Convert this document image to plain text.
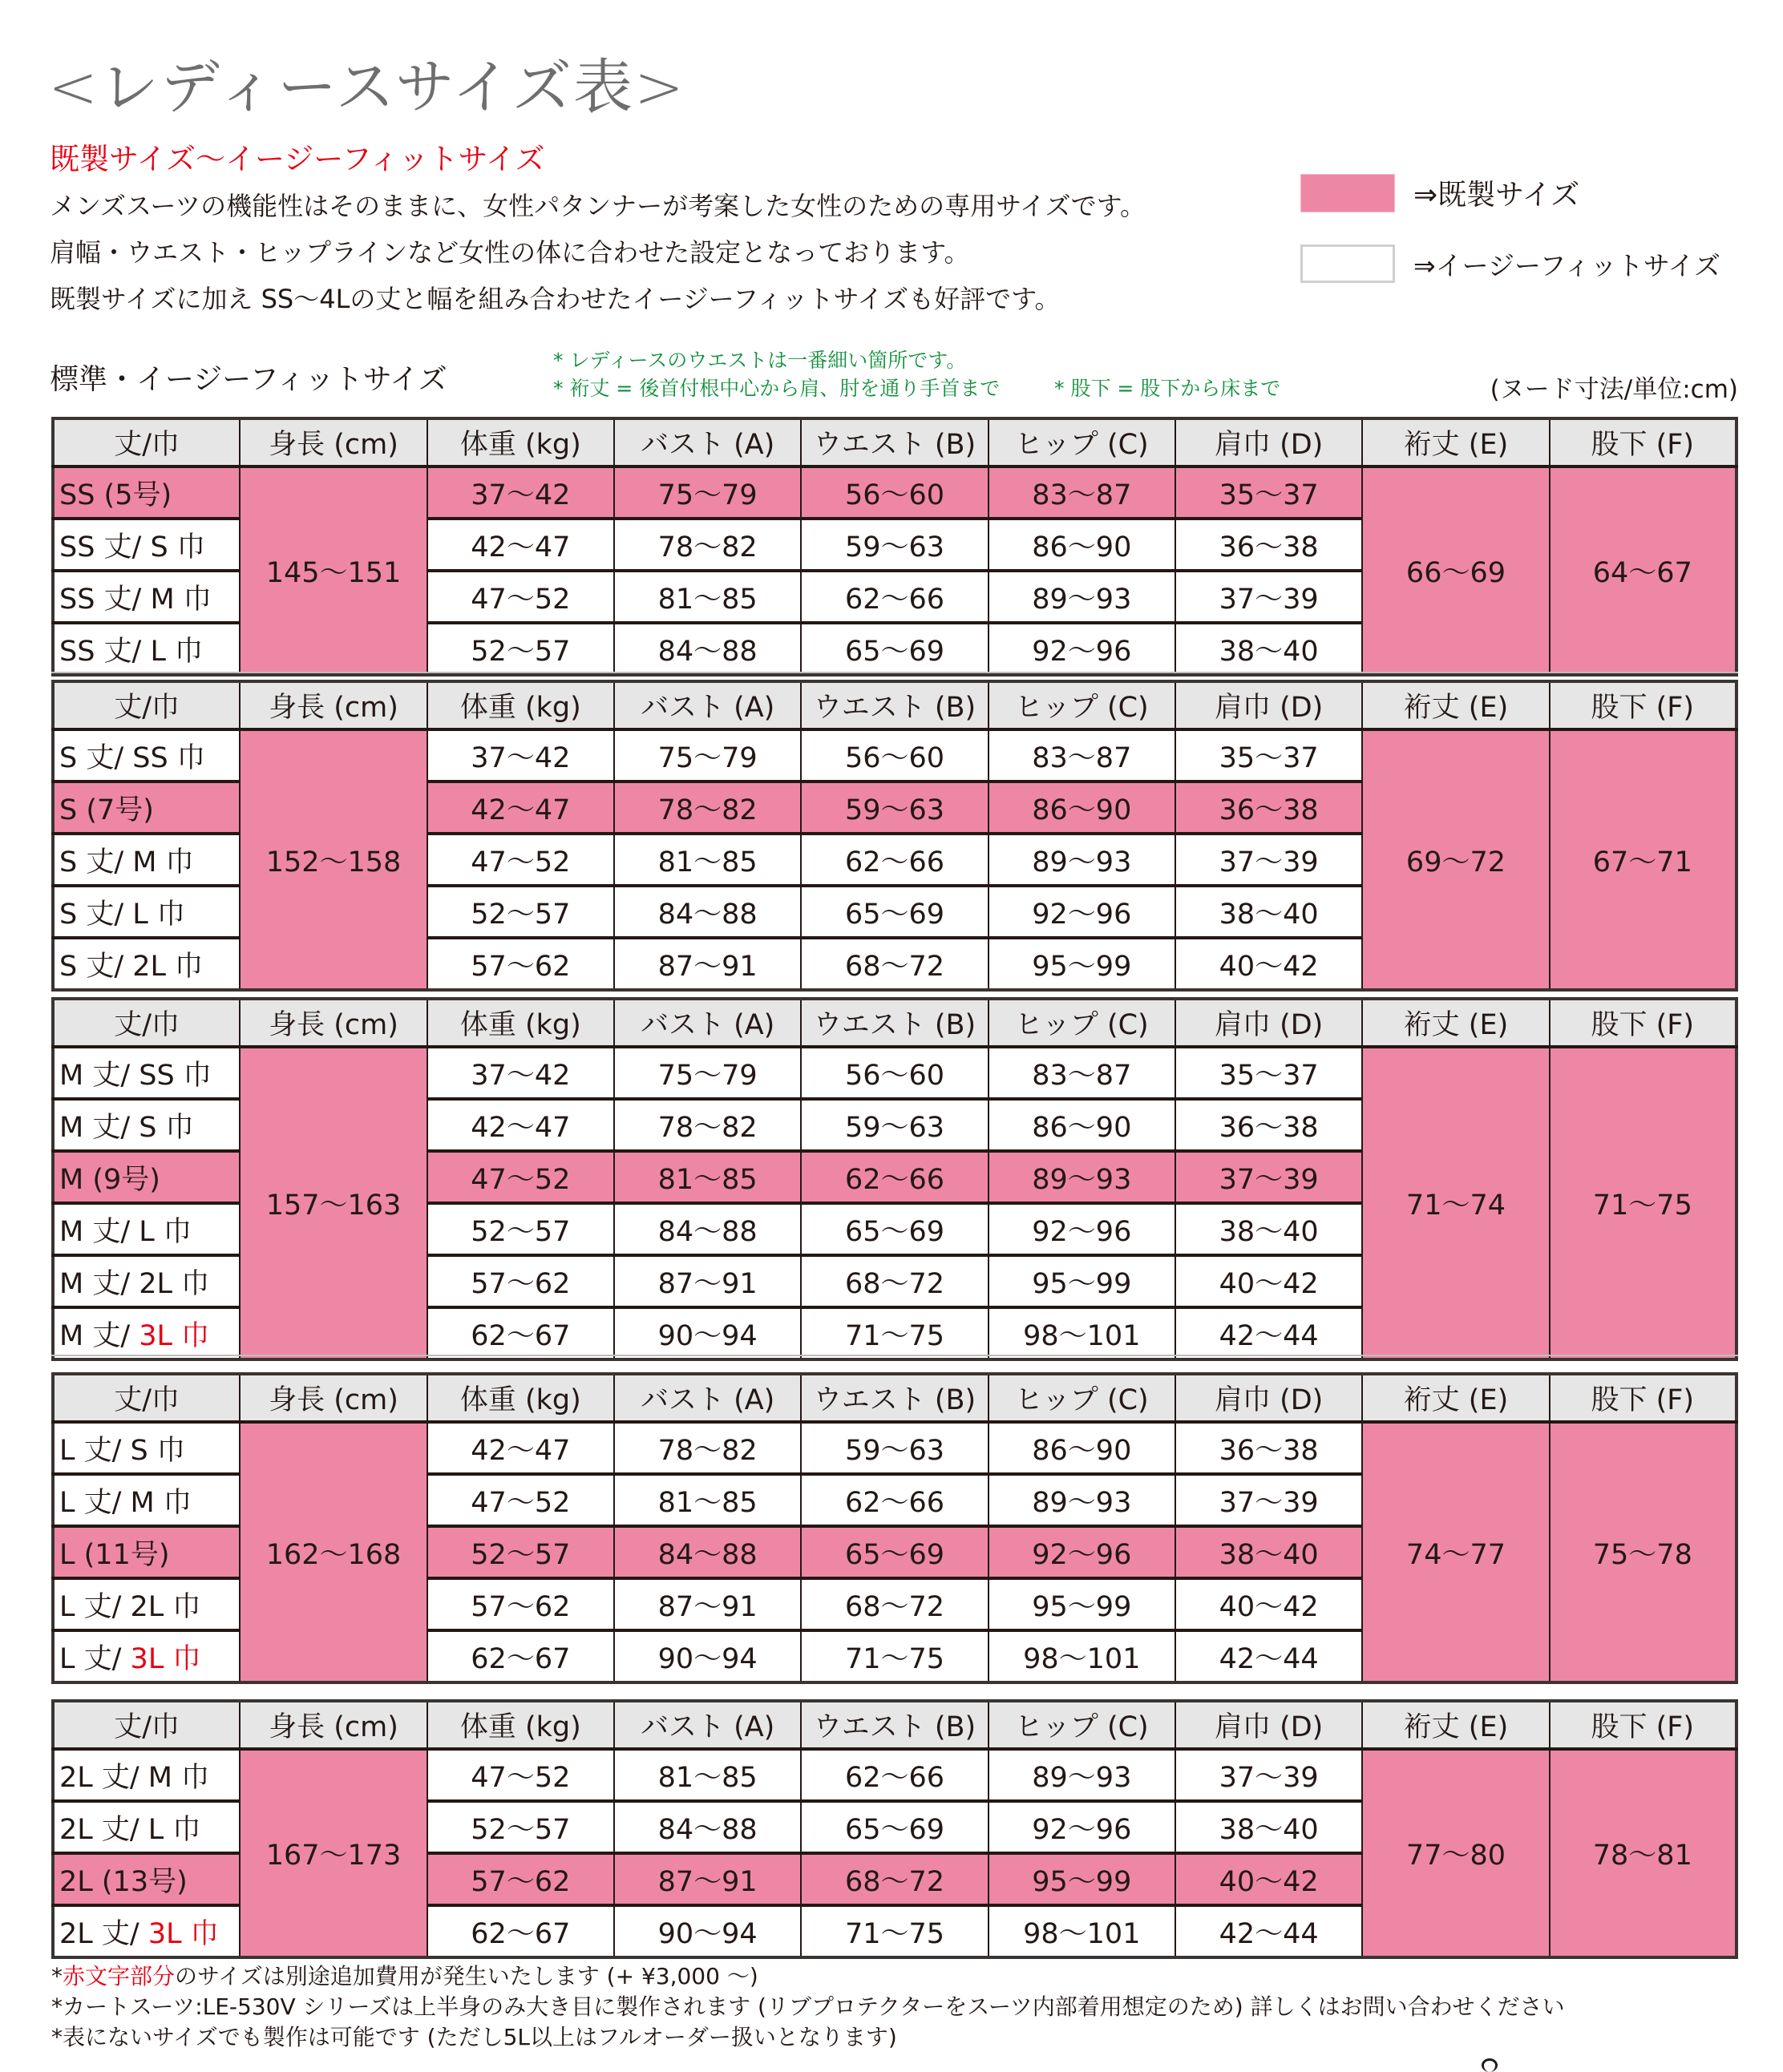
<レディースサイズ表>
既製サイズ〜イージーフィットサイズ
メンズスーツの機能性はそのままに、女性パタンナーが考案した女性のための専用サイズです。
肩幅・ウエスト・ヒップラインなど女性の体に合わせた設定となっております。
既製サイズに加え SS〜4Lの丈と幅を組み合わせたイージーフィットサイズも好評です。
⇒既製サイズ
⇒イージーフィットサイズ
標準・イージーフィットサイズ
* レディースのウエストは一番細い箇所です。
* 裄丈 = 後首付根中心から肩、肘を通り手首まで	* 股下 = 股下から床まで	(ヌード寸法/単位:cm)
丈/巾	身長 (cm)	体重 (kg)	バスト (A)	ウエスト (B)	ヒップ (C)	肩巾 (D)	裄丈 (E)	股下 (F)
SS (5号)	145〜151	37〜42	75〜79	56〜60	83〜87	35〜37	66〜69	64〜67
SS 丈/ S 巾		42〜47	78〜82	59〜63	86〜90	36〜38		
SS 丈/ M 巾		47〜52	81〜85	62〜66	89〜93	37〜39		
SS 丈/ L 巾		52〜57	84〜88	65〜69	92〜96	38〜40		
丈/巾	身長 (cm)	体重 (kg)	バスト (A)	ウエスト (B)	ヒップ (C)	肩巾 (D)	裄丈 (E)	股下 (F)
S 丈/ SS 巾	152〜158	37〜42	75〜79	56〜60	83〜87	35〜37	69〜72	67〜71
S (7号)		42〜47	78〜82	59〜63	86〜90	36〜38		
S 丈/ M 巾		47〜52	81〜85	62〜66	89〜93	37〜39		
S 丈/ L 巾		52〜57	84〜88	65〜69	92〜96	38〜40		
S 丈/ 2L 巾		57〜62	87〜91	68〜72	95〜99	40〜42		
丈/巾	身長 (cm)	体重 (kg)	バスト (A)	ウエスト (B)	ヒップ (C)	肩巾 (D)	裄丈 (E)	股下 (F)
M 丈/ SS 巾	157〜163	37〜42	75〜79	56〜60	83〜87	35〜37	71〜74	71〜75
M 丈/ S 巾		42〜47	78〜82	59〜63	86〜90	36〜38		
M (9号)		47〜52	81〜85	62〜66	89〜93	37〜39		
M 丈/ L 巾		52〜57	84〜88	65〜69	92〜96	38〜40		
M 丈/ 2L 巾		57〜62	87〜91	68〜72	95〜99	40〜42		
M 丈/ 3L 巾		62〜67	90〜94	71〜75	98〜101	42〜44		
丈/巾	身長 (cm)	体重 (kg)	バスト (A)	ウエスト (B)	ヒップ (C)	肩巾 (D)	裄丈 (E)	股下 (F)
L 丈/ S 巾	162〜168	42〜47	78〜82	59〜63	86〜90	36〜38	74〜77	75〜78
L 丈/ M 巾		47〜52	81〜85	62〜66	89〜93	37〜39		
L (11号)		52〜57	84〜88	65〜69	92〜96	38〜40		
L 丈/ 2L 巾		57〜62	87〜91	68〜72	95〜99	40〜42		
L 丈/ 3L 巾		62〜67	90〜94	71〜75	98〜101	42〜44		
丈/巾	身長 (cm)	体重 (kg)	バスト (A)	ウエスト (B)	ヒップ (C)	肩巾 (D)	裄丈 (E)	股下 (F)
2L 丈/ M 巾	167〜173	47〜52	81〜85	62〜66	89〜93	37〜39	77〜80	78〜81
2L 丈/ L 巾		52〜57	84〜88	65〜69	92〜96	38〜40		
2L (13号)		57〜62	87〜91	68〜72	95〜99	40〜42		
2L 丈/ 3L 巾		62〜67	90〜94	71〜75	98〜101	42〜44		
*赤文字部分のサイズは別途追加費用が発生いたします (+ ¥3,000 〜)
*カートスーツ:LE-530V シリーズは上半身のみ大き目に製作されます (リブプロテクターをスーツ内部着用想定のため) 詳しくはお問い合わせください
*表にないサイズでも製作は可能です (ただし5L以上はフルオーダー扱いとなります)
